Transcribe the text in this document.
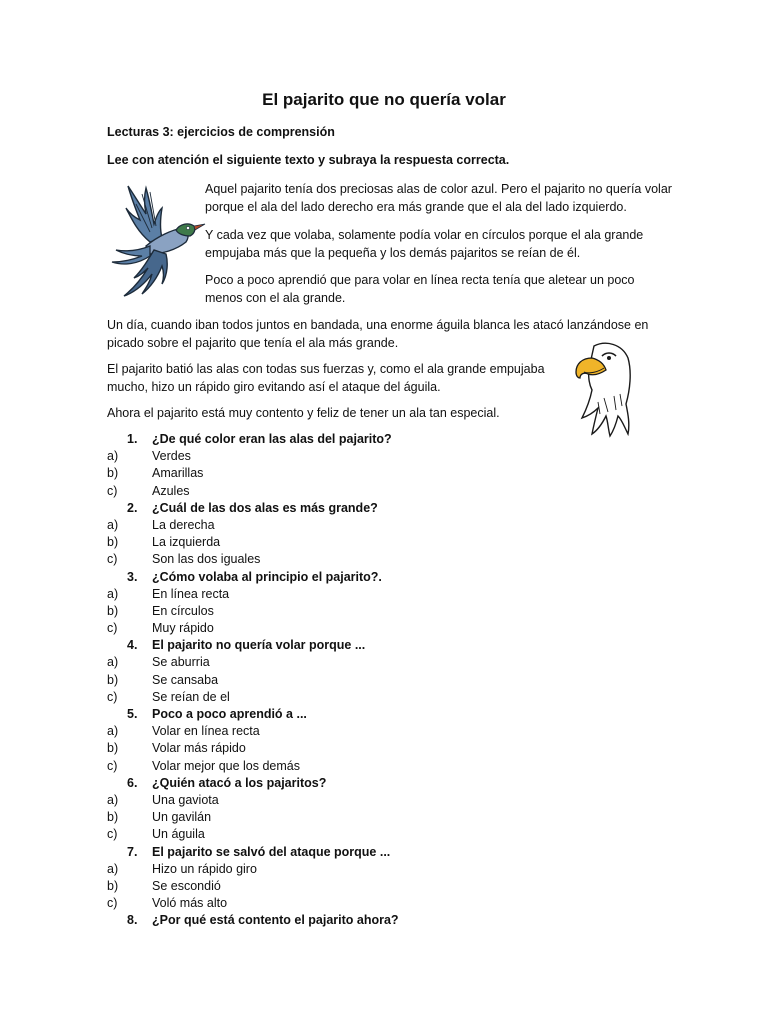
El pajarito que no quería volar
Lecturas 3: ejercicios de comprensión
Lee con atención el siguiente texto y subraya la respuesta correcta.

Aquel pajarito tenía dos preciosas alas de color azul. Pero el pajarito no quería volar porque el ala del lado derecho era más grande que el ala del lado izquierdo.

Y cada vez que volaba, solamente podía volar en círculos porque el ala grande empujaba más que la pequeña y los demás pajaritos se reían de él.

Poco a poco aprendió que para volar en línea recta tenía que aletear un poco menos con el ala grande.

Un día, cuando iban todos juntos en bandada, una enorme águila blanca les atacó lanzándose en picado sobre el pajarito que tenía el ala más grande.

El pajarito batió las alas con todas sus fuerzas y, como el ala grande empujaba mucho, hizo un rápido giro evitando así el ataque del águila.

Ahora el pajarito está muy contento y feliz de tener un ala tan especial.

1.	¿De qué color eran las alas del pajarito?
a)	Verdes
b)	Amarillas
c)	Azules
2.	¿Cuál de las dos alas es más grande?
a)	La derecha
b)	La izquierda
c)	Son las dos iguales
3.	¿Cómo volaba al principio el pajarito?.
a)	En línea recta
b)	En círculos
c)	Muy rápido
4.	El pajarito no quería volar porque ...
a)	Se aburria
b)	Se cansaba
c)	Se reían de el
5.	Poco a poco aprendió a ...
a)	Volar en línea recta
b)	Volar más rápido
c)	Volar mejor que los demás
6.	¿Quién atacó a los pajaritos?
a)	Una gaviota
b)	Un gavilán
c)	Un águila
7.	El pajarito se salvó del ataque porque ...
a)	Hizo un rápido giro
b)	Se escondió
c)	Voló más alto
8.	¿Por qué está contento el pajarito ahora?
